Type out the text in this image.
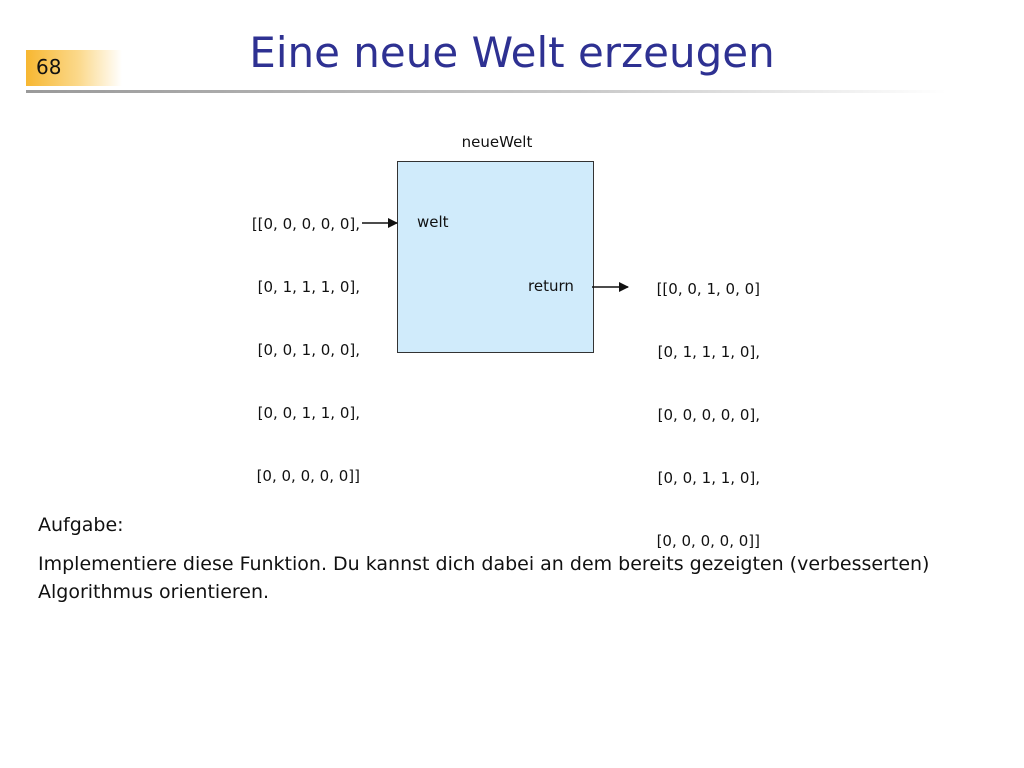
68	Eine neue Welt erzeugen
neueWelt
welt
return

[[0, 0, 0, 0, 0],

[0, 1, 1, 1, 0],

[0, 0, 1, 0, 0],

[0, 0, 1, 1, 0],

[0, 0, 0, 0, 0]]

[[0, 0, 1, 0, 0]

[0, 1, 1, 1, 0],

[0, 0, 0, 0, 0],

[0, 0, 1, 1, 0],

[0, 0, 0, 0, 0]]

Aufgabe:
Implementiere diese Funktion. Du kannst dich dabei an dem bereits gezeigten (verbesserten) Algorithmus orientieren.
